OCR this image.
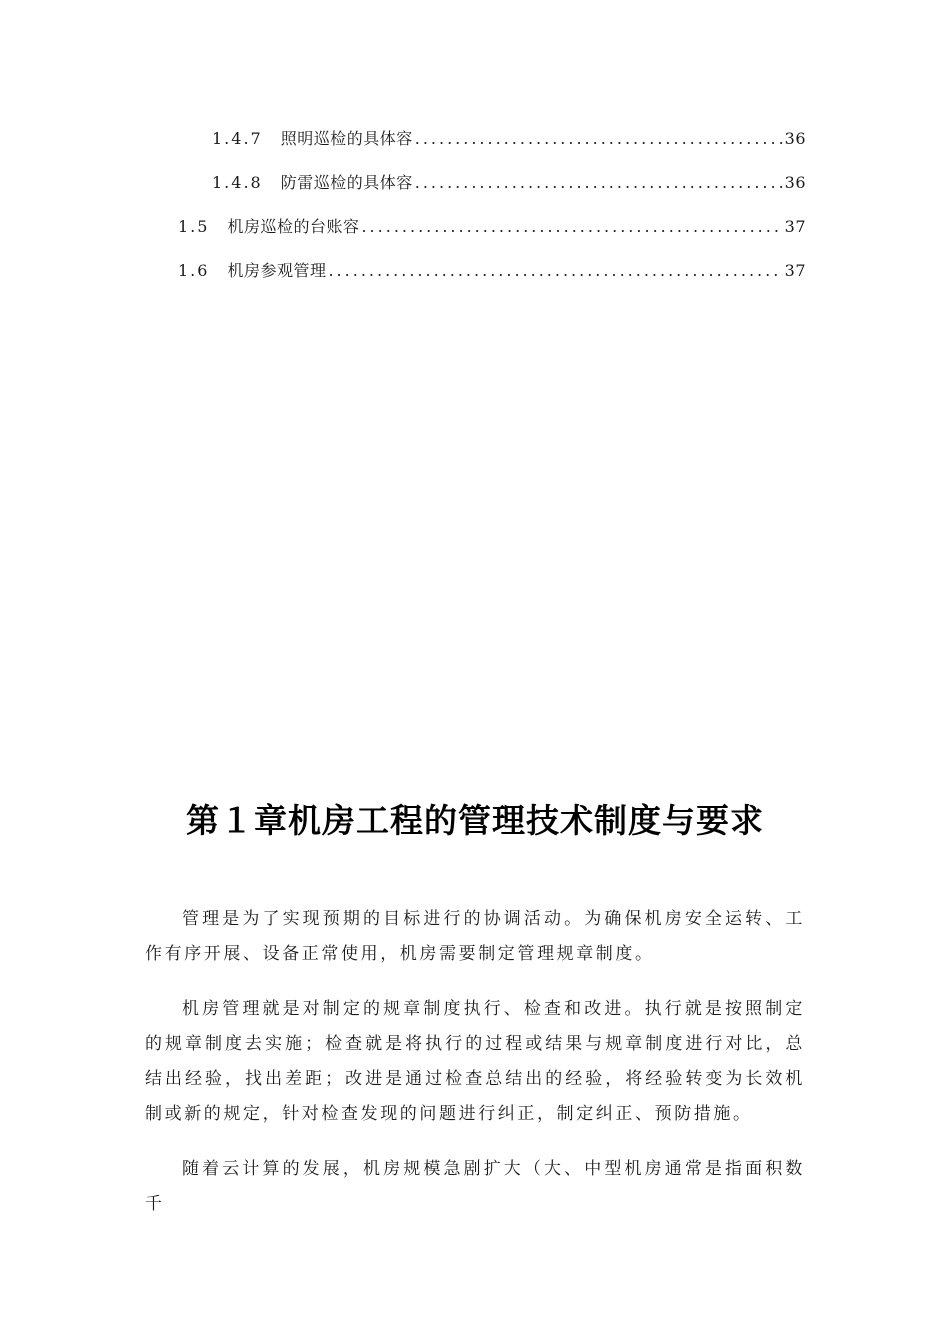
1.4.7 照明巡检的具体容 .....	36
1.4.8 防雷巡检的具体容 .....	36
1.5 机房巡检的台账容 .....	37
1.6 机房参观管理 .....	37
第１章机房工程的管理技术制度与要求

管理是为了实现预期的目标进行的协调活动。为确保机房安全运转、工作有序开展、设备正常使用，机房需要制定管理规章制度。

机房管理就是对制定的规章制度执行、检查和改进。执行就是按照制定的规章制度去实施；检查就是将执行的过程或结果与规章制度进行对比，总结出经验，找出差距；改进是通过检查总结出的经验，将经验转变为长效机制或新的规定，针对检查发现的问题进行纠正，制定纠正、预防措施。

随着云计算的发展，机房规模急剧扩大（大、中型机房通常是指面积数千
